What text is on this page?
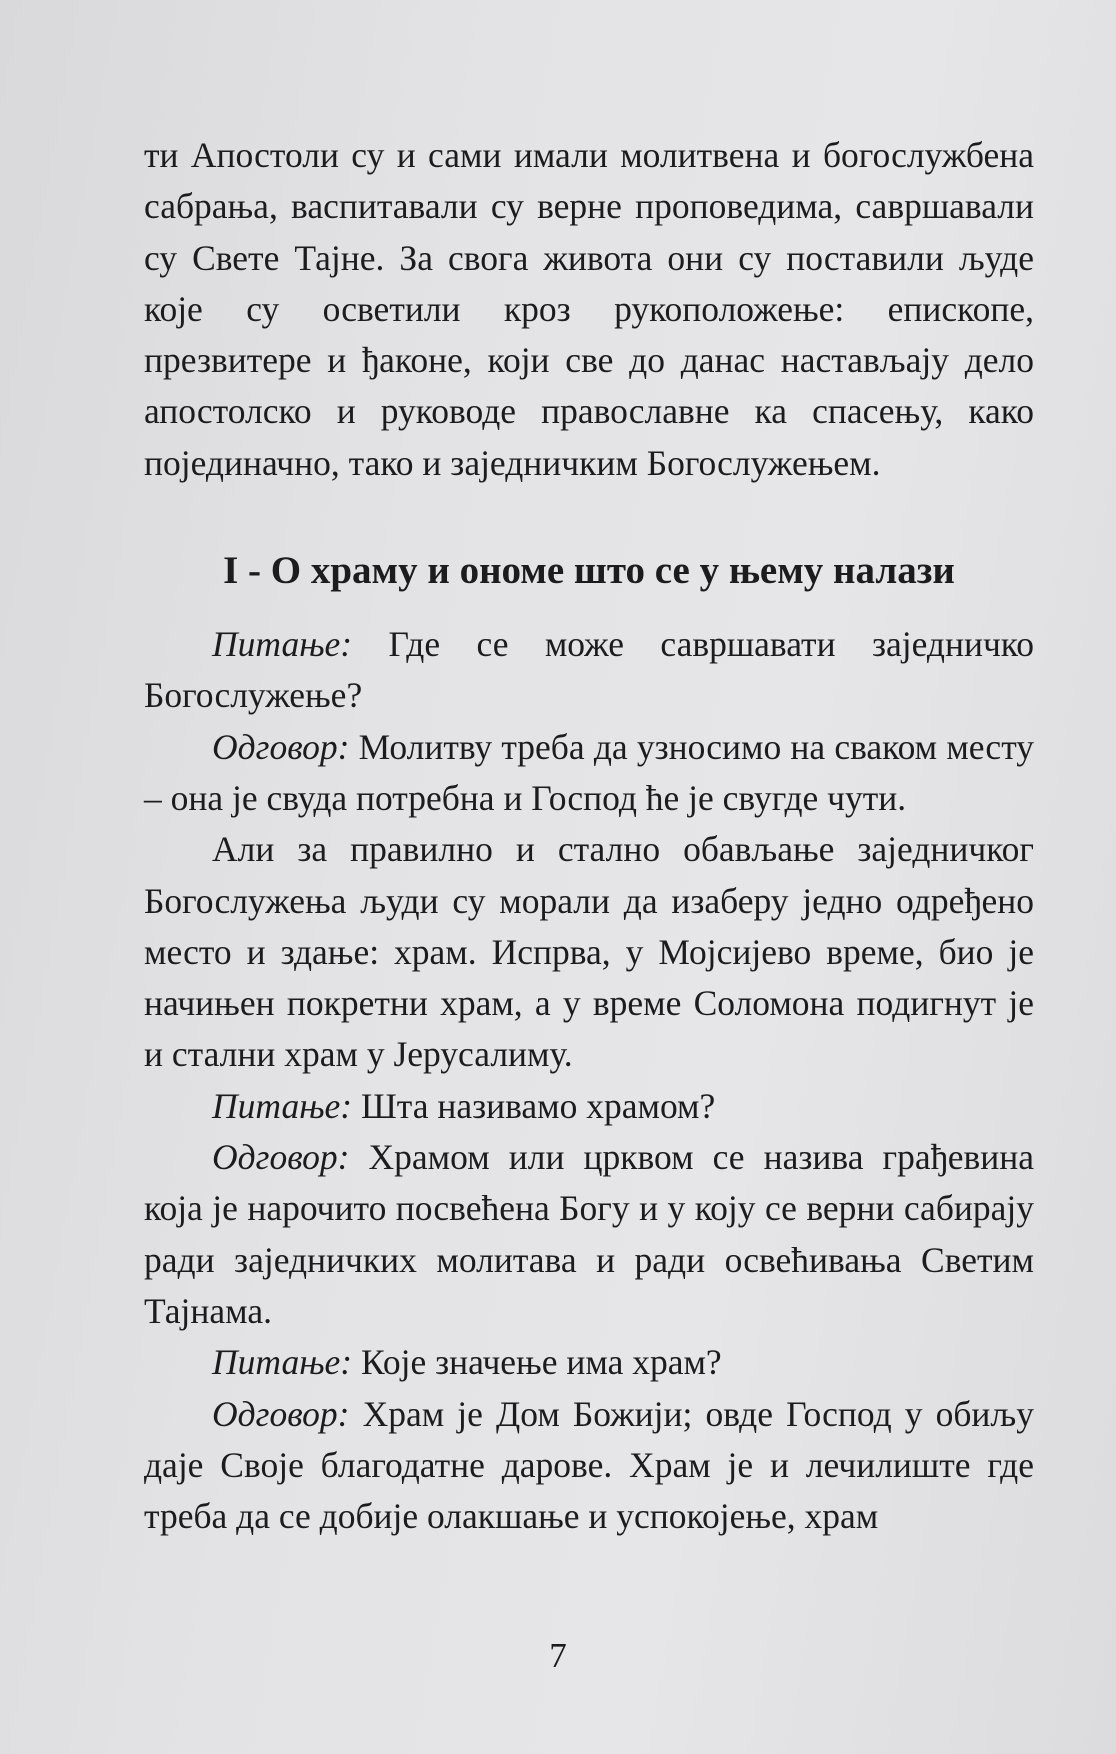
ти Апостоли су и сами имали молитвена и богослужбена сабрања, васпитавали су верне проповедима, савршавали су Свете Тајне. За свога живота они су поставили људе које су осветили кроз рукоположење: епископе, презвитере и ђаконе, који све до данас настављају дело апостолско и руководе православне ка спасењу, како појединачно, тако и заједничким Богослужењем.

I - О храму и ономе што се у њему налази

Питање: Где се може савршавати заједничко Богослужење?

Одговор: Молитву треба да узносимо на сваком месту – она је свуда потребна и Господ ће је свугде чути.

Али за правилно и стално обављање заједничког Богослужења људи су морали да изаберу једно одређено место и здање: храм. Испрва, у Мојсијево време, био је начињен покретни храм, а у време Соломона подигнут је и стални храм у Јерусалиму.

Питање: Шта називамо храмом?

Одговор: Храмом или црквом се назива грађевина која је нарочито посвећена Богу и у коју се верни сабирају ради заједничких молитава и ради освећивања Светим Тајнама.

Питање: Које значење има храм?

Одговор: Храм је Дом Божији; овде Господ у обиљу даје Своје благодатне дарове. Храм је и лечилиште где треба да се добије олакшање и успокојење, храм

7
